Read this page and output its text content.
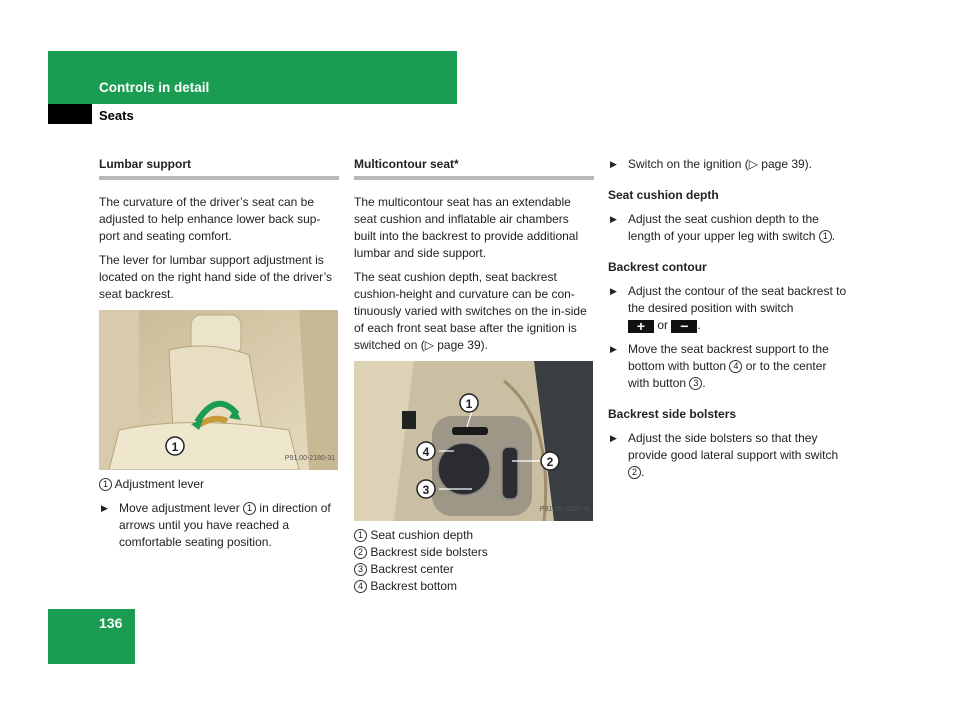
Controls in detail
Seats
Lumbar support

The curvature of the driver’s seat can be adjusted to help enhance lower back sup-port and seating comfort.

The lever for lumbar support adjustment is located on the right hand side of the driver’s seat backrest.

1
P91.00-2180-31
1 Adjustment lever
▶ Move adjustment lever 1 in direction of arrows until you have reached a comfortable seating position.
Multicontour seat*

The multicontour seat has an extendable seat cushion and inflatable air chambers built into the backrest to provide additional lumbar and side support.

The seat cushion depth, seat backrest cushion-height and curvature can be con-tinuously varied with switches on the in-side of each front seat base after the ignition is switched on (▷ page 39).

1
2
3
4
P91.25-2265-31
1 Seat cushion depth
2 Backrest side bolsters
3 Backrest center
4 Backrest bottom
▶ Switch on the ignition (▷ page 39).
Seat cushion depth
▶ Adjust the seat cushion depth to the length of your upper leg with switch 1 .
Backrest contour
▶ Adjust the contour of the seat backrest to the desired position with switch
+ or − .
▶ Move the seat backrest support to the bottom with button 4 or to the center with button 3 .
Backrest side bolsters
▶ Adjust the side bolsters so that they provide good lateral support with switch 2 .
136
